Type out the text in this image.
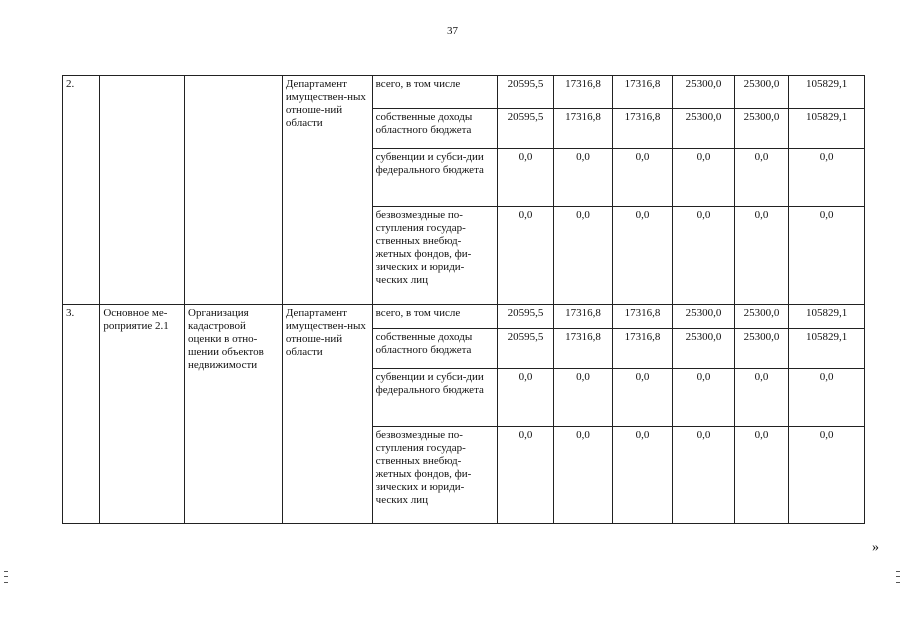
37
2.			Департамент имуществен-ных отноше-ний области	всего, в том числе	20595,5	17316,8	17316,8	25300,0	25300,0	105829,1
				собственные доходы областного бюджета	20595,5	17316,8	17316,8	25300,0	25300,0	105829,1
				субвенции и субси-дии федерального бюджета	0,0	0,0	0,0	0,0	0,0	0,0
				безвозмездные по-ступления государ-ственных внебюд-жетных фондов, фи-зических и юриди-ческих лиц	0,0	0,0	0,0	0,0	0,0	0,0
3.	Основное ме-роприятие 2.1	Организация кадастровой оценки в отно-шении объектов недвижимости	Департамент имуществен-ных отноше-ний области	всего, в том числе	20595,5	17316,8	17316,8	25300,0	25300,0	105829,1
				собственные доходы областного бюджета	20595,5	17316,8	17316,8	25300,0	25300,0	105829,1
				субвенции и субси-дии федерального бюджета	0,0	0,0	0,0	0,0	0,0	0,0
				безвозмездные по-ступления государ-ственных внебюд-жетных фондов, фи-зических и юриди-ческих лиц	0,0	0,0	0,0	0,0	0,0	0,0
»
